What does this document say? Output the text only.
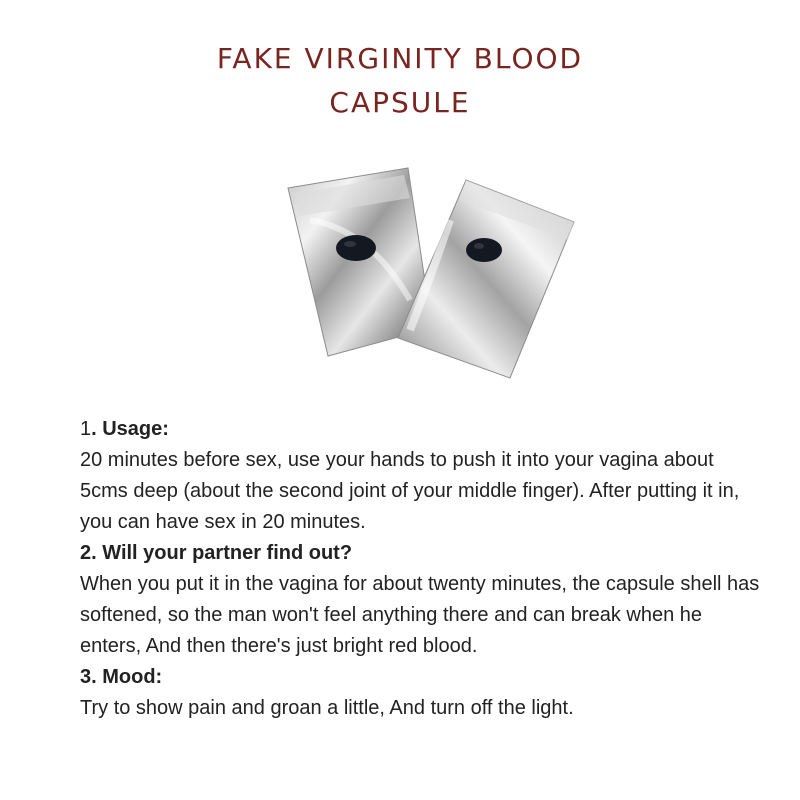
FAKE VIRGINITY BLOOD
CAPSULE

1. Usage:

20 minutes before sex, use your hands to push it into your vagina about 5cms deep (about the second joint of your middle finger). After putting it in, you can have sex in 20 minutes.

2. Will your partner find out?

When you put it in the vagina for about twenty minutes, the capsule shell has softened, so the man won't feel anything there and can break when he enters, And then there's just bright red blood.

3. Mood:

Try to show pain and groan a little, And turn off the light.
